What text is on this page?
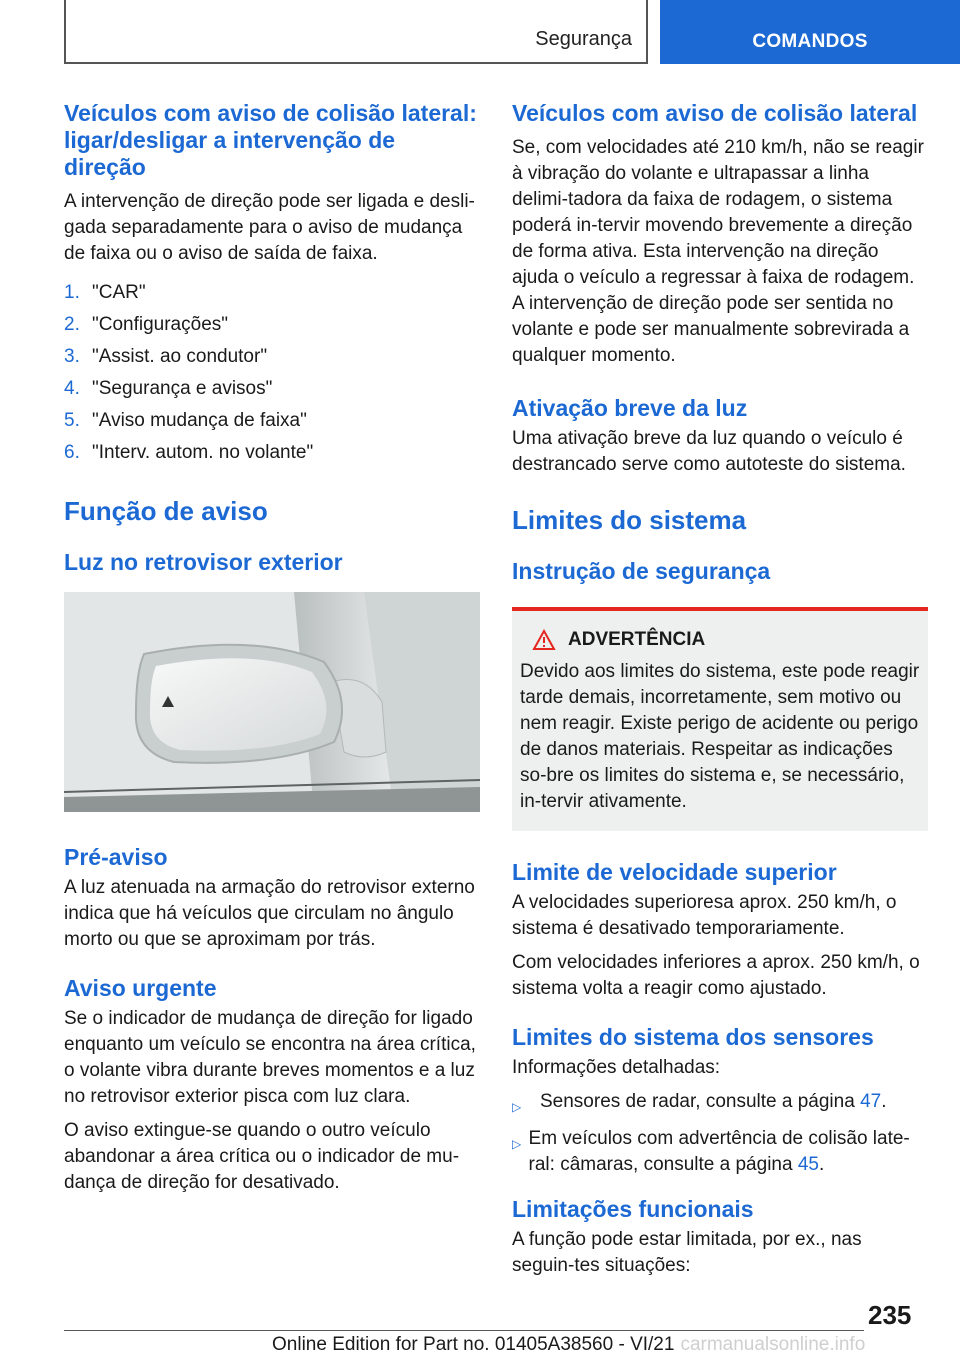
Segurança	COMANDOS
Veículos com aviso de colisão lateral: ligar/desligar a intervenção de direção

A intervenção de direção pode ser ligada e desli-gada separadamente para o aviso de mudança de faixa ou o aviso de saída de faixa.

1. "CAR"
2. "Configurações"
3. "Assist. ao condutor"
4. "Segurança e avisos"
5. "Aviso mudança de faixa"
6. "Interv. autom. no volante"
Função de aviso
Luz no retrovisor exterior
Pré-aviso

A luz atenuada na armação do retrovisor externo indica que há veículos que circulam no ângulo morto ou que se aproximam por trás.

Aviso urgente

Se o indicador de mudança de direção for ligado enquanto um veículo se encontra na área crítica, o volante vibra durante breves momentos e a luz no retrovisor exterior pisca com luz clara.

O aviso extingue-se quando o outro veículo abandonar a área crítica ou o indicador de mu-dança de direção for desativado.

Veículos com aviso de colisão lateral

Se, com velocidades até 210 km/h, não se reagir à vibração do volante e ultrapassar a linha delimi-tadora da faixa de rodagem, o sistema poderá in-tervir movendo brevemente a direção de forma ativa. Esta intervenção na direção ajuda o veículo a regressar à faixa de rodagem. A intervenção de direção pode ser sentida no volante e pode ser manualmente sobrevirada a qualquer momento.

Ativação breve da luz

Uma ativação breve da luz quando o veículo é destrancado serve como autoteste do sistema.

Limites do sistema
Instrução de segurança
ADVERTÊNCIA

Devido aos limites do sistema, este pode reagir tarde demais, incorretamente, sem motivo ou nem reagir. Existe perigo de acidente ou perigo de danos materiais. Respeitar as indicações so-bre os limites do sistema e, se necessário, in-tervir ativamente.

Limite de velocidade superior

A velocidades superioresa aprox. 250 km/h, o sistema é desativado temporariamente.

Com velocidades inferiores a aprox. 250 km/h, o sistema volta a reagir como ajustado.

Limites do sistema dos sensores

Informações detalhadas:

▷ Sensores de radar, consulte a página 47.
▷ Em veículos com advertência de colisão late-ral: câmaras, consulte a página 45.
Limitações funcionais

A função pode estar limitada, por ex., nas seguin-tes situações:

235
Online Edition for Part no. 01405A38560 - VI/21 carmanualsonline.info
